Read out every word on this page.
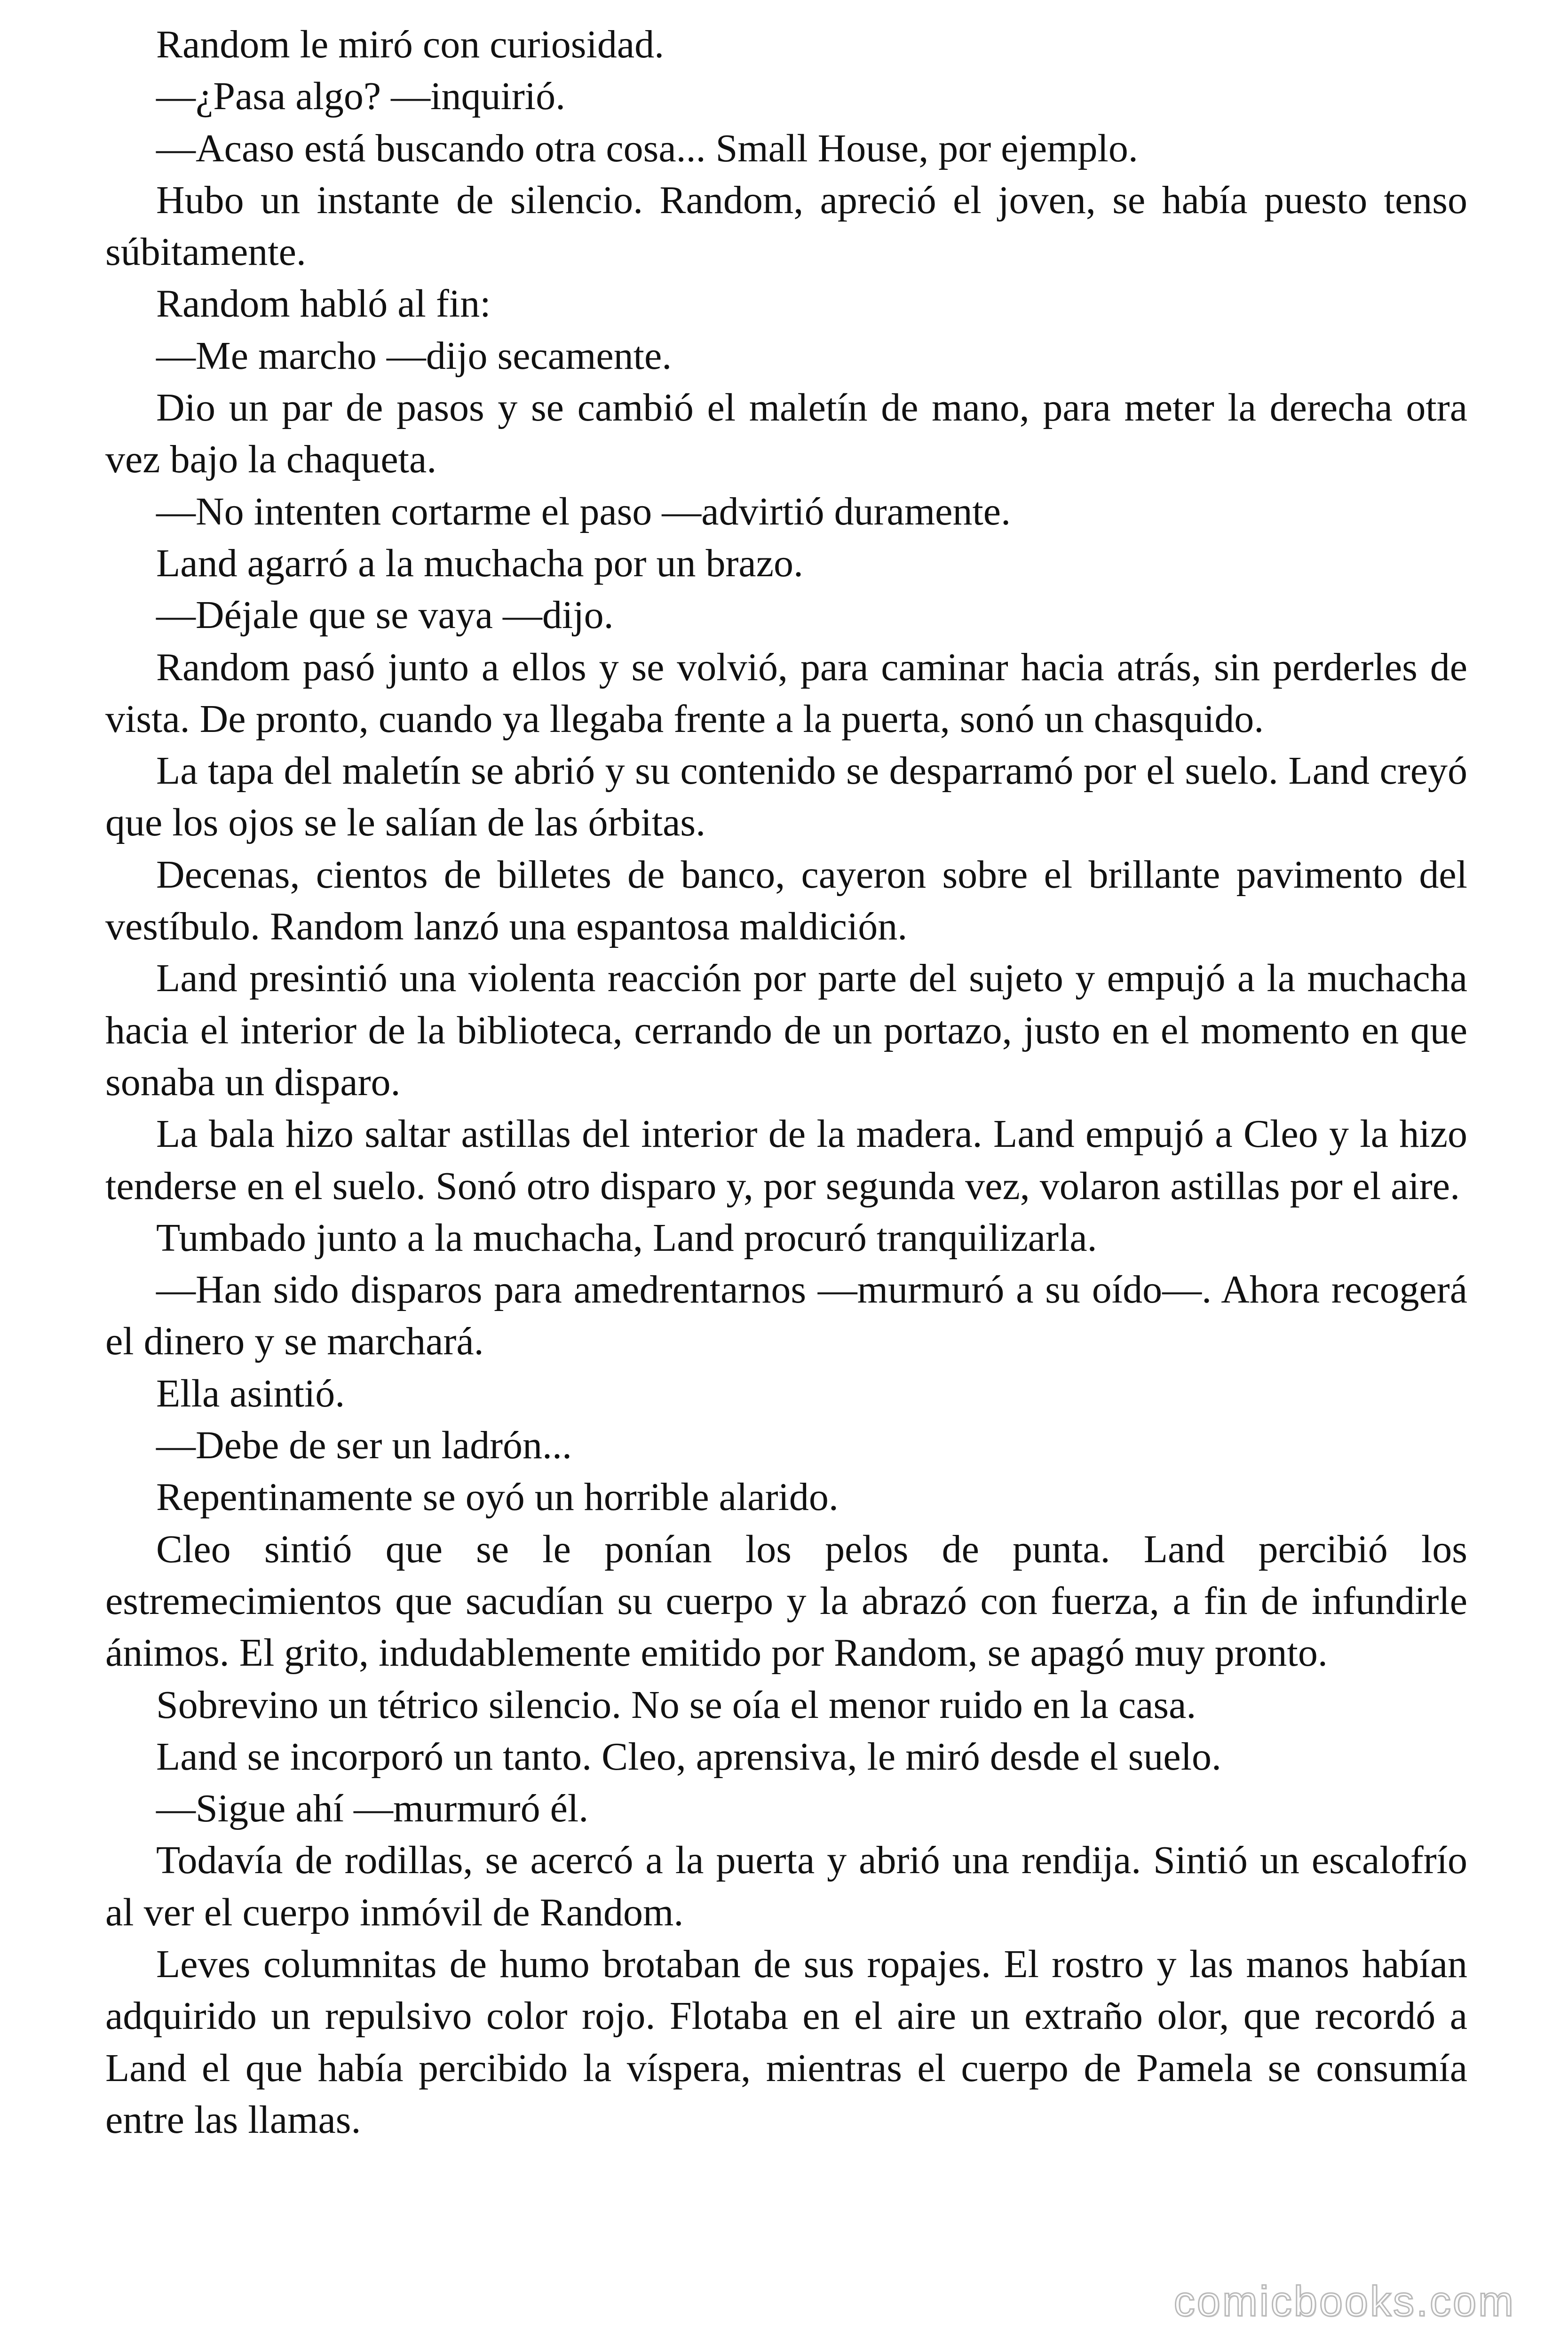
Random le miró con curiosidad.

—¿Pasa algo? —inquirió.

—Acaso está buscando otra cosa... Small House, por ejemplo.

Hubo un instante de silencio. Random, apreció el joven, se había puesto tenso súbitamente.

Random habló al fin:

—Me marcho —dijo secamente.

Dio un par de pasos y se cambió el maletín de mano, para meter la derecha otra vez bajo la chaqueta.

—No intenten cortarme el paso —advirtió duramente.

Land agarró a la muchacha por un brazo.

—Déjale que se vaya —dijo.

Random pasó junto a ellos y se volvió, para caminar hacia atrás, sin perderles de vista. De pronto, cuando ya llegaba frente a la puerta, sonó un chasquido.

La tapa del maletín se abrió y su contenido se desparramó por el suelo. Land creyó que los ojos se le salían de las órbitas.

Decenas, cientos de billetes de banco, cayeron sobre el brillante pavimento del vestíbulo. Random lanzó una espantosa maldición.

Land presintió una violenta reacción por parte del sujeto y empujó a la muchacha hacia el interior de la biblioteca, cerrando de un portazo, justo en el momento en que sonaba un disparo.

La bala hizo saltar astillas del interior de la madera. Land empujó a Cleo y la hizo tenderse en el suelo. Sonó otro disparo y, por segunda vez, volaron astillas por el aire.

Tumbado junto a la muchacha, Land procuró tranquilizarla.

—Han sido disparos para amedrentarnos —murmuró a su oído—. Ahora recogerá el dinero y se marchará.

Ella asintió.

—Debe de ser un ladrón...

Repentinamente se oyó un horrible alarido.

Cleo sintió que se le ponían los pelos de punta. Land percibió los estremecimientos que sacudían su cuerpo y la abrazó con fuerza, a fin de infundirle ánimos. El grito, indudablemente emitido por Random, se apagó muy pronto.

Sobrevino un tétrico silencio. No se oía el menor ruido en la casa.

Land se incorporó un tanto. Cleo, aprensiva, le miró desde el suelo.

—Sigue ahí —murmuró él.

Todavía de rodillas, se acercó a la puerta y abrió una rendija. Sintió un escalofrío al ver el cuerpo inmóvil de Random.

Leves columnitas de humo brotaban de sus ropajes. El rostro y las manos habían adquirido un repulsivo color rojo. Flotaba en el aire un extraño olor, que recordó a Land el que había percibido la víspera, mientras el cuerpo de Pamela se consumía entre las llamas.

comicbooks.com
